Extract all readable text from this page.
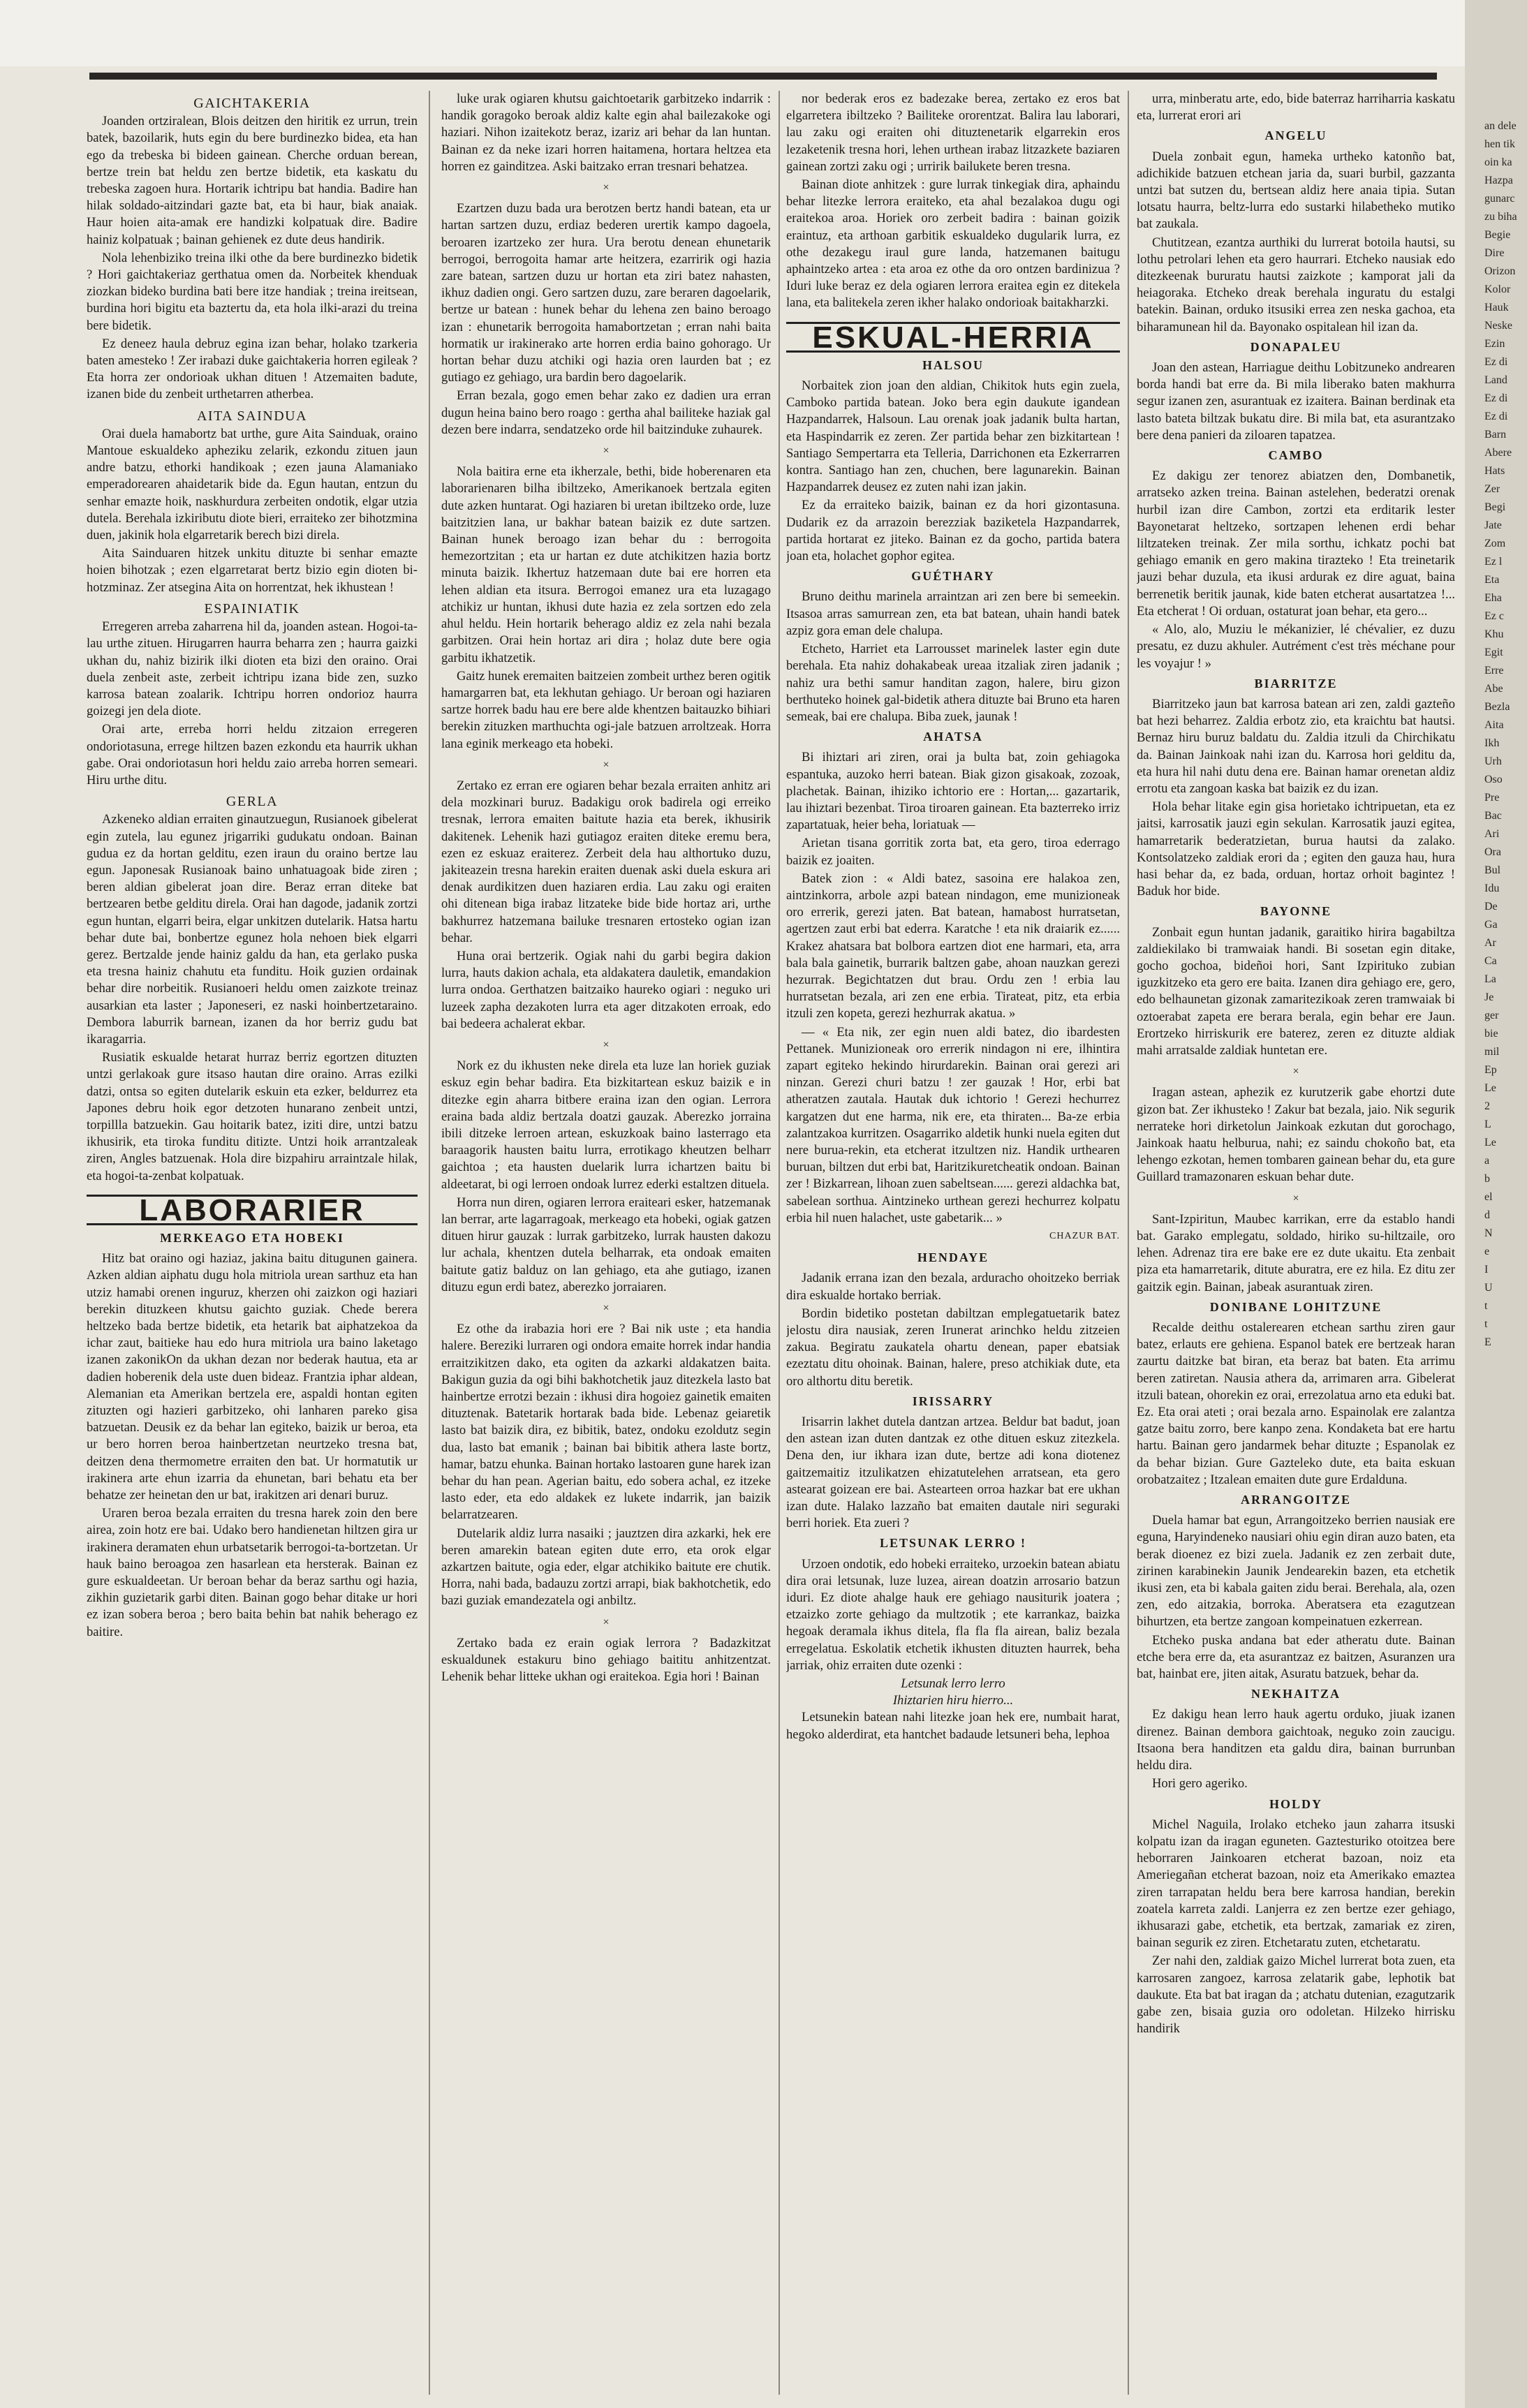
GAICHTAKERIA

Joanden ortziralean, Blois deitzen den hiritik ez urrun, trein batek, bazoilarik, huts egin du bere burdinezko bidea, eta han ego da trebeska bi bideen gainean. Cherche orduan berean, bertze trein bat heldu zen bertze bidetik, eta kaskatu du trebeska zagoen hura. Hortarik ichtripu bat handia. Badire han hilak soldado-aitzindari gazte bat, eta bi haur, biak anaiak. Haur hoien aita-amak ere handizki kolpatuak dire. Badire hainiz kolpatuak ; bainan gehienek ez dute deus handirik.

Nola lehenbiziko treina ilki othe da bere burdinezko bidetik ? Hori gaichtakeriaz gerthatua omen da. Norbeitek khenduak ziozkan bideko burdina bati bere itze handiak ; treina ireitsean, burdina hori bigitu eta baztertu da, eta hola ilki-arazi du treina bere bidetik.

Ez deneez haula debruz egina izan behar, holako tzarkeria baten amesteko ! Zer irabazi duke gaichtakeria horren egileak ? Eta horra zer ondorioak ukhan dituen ! Atzemaiten badute, izanen bide du zenbeit urthetarren atherbea.

AITA SAINDUA

Orai duela hamabortz bat urthe, gure Aita Sainduak, oraino Mantoue eskualdeko apheziku zelarik, ezkondu zituen jaun andre batzu, ethorki handikoak ; ezen jauna Alamaniako emperadorearen ahaidetarik bide da. Egun hautan, entzun du senhar emazte hoik, naskhurdura zerbeiten ondotik, elgar utzia dutela. Berehala izkiributu diote bieri, erraiteko zer bihotzmina duen, jakinik hola elgarretarik berech bizi direla.

Aita Sainduaren hitzek unkitu dituzte bi senhar emazte hoien bihotzak ; ezen elgarretarat bertz bizio egin dioten bi-hotzminaz. Zer atsegina Aita on horrentzat, hek ikhustean !

ESPAINIATIK

Erregeren arreba zaharrena hil da, joanden astean. Hogoi-ta-lau urthe zituen. Hirugarren haurra beharra zen ; haurra gaizki ukhan du, nahiz bizirik ilki dioten eta bizi den oraino. Orai duela zenbeit aste, zerbeit ichtripu izana bide zen, suzko karrosa batean zoalarik. Ichtripu horren ondorioz haurra goizegi jen dela diote.

Orai arte, erreba horri heldu zitzaion erregeren ondoriotasuna, errege hiltzen bazen ezkondu eta haurrik ukhan gabe. Orai ondoriotasun hori heldu zaio arreba horren semeari. Hiru urthe ditu.

GERLA

Azkeneko aldian erraiten ginautzuegun, Rusianoek gibelerat egin zutela, lau egunez jrigarriki gudukatu ondoan. Bainan gudua ez da hortan gelditu, ezen iraun du oraino bertze lau egun. Japonesak Rusianoak baino unhatuagoak bide ziren ; beren aldian gibelerat joan dire. Beraz erran diteke bat bertzearen betbe gelditu direla. Orai han dagode, jadanik zortzi egun huntan, elgarri beira, elgar unkitzen dutelarik. Hatsa hartu behar dute bai, bonbertze egunez hola nehoen biek elgarri gerez. Bertzalde jende hainiz galdu da han, eta gerlako puska eta tresna hainiz chahutu eta funditu. Hoik guzien ordainak behar dire norbeitik. Rusianoeri heldu omen zaizkote treinaz ausarkian eta laster ; Japoneseri, ez naski hoinbertzetaraino. Dembora laburrik barnean, izanen da hor berriz gudu bat ikaragarria.

Rusiatik eskualde hetarat hurraz berriz egortzen dituzten untzi gerlakoak gure itsaso hautan dire oraino. Arras ezilki datzi, ontsa so egiten dutelarik eskuin eta ezker, beldurrez eta Japones debru hoik egor detzoten hunarano zenbeit untzi, torpillla batzuekin. Gau hoitarik batez, iziti dire, untzi batzu ikhusirik, eta tiroka funditu ditizte. Untzi hoik arrantzaleak ziren, Angles batzuenak. Hola dire bizpahiru arraintzale hilak, eta hogoi-ta-zenbat kolpatuak.

LABORARIER
MERKEAGO ETA HOBEKI

Hitz bat oraino ogi haziaz, jakina baitu ditugunen gainera. Azken aldian aiphatu dugu hola mitriola urean sarthuz eta han utziz hamabi orenen inguruz, kherzen ohi zaizkon ogi haziari berekin dituzkeen khutsu gaichto guziak. Chede berera heltzeko bada bertze bidetik, eta hetarik bat aiphatzekoa da ichar zaut, baitieke hau edo hura mitriola ura baino laketago izanen zakonikOn da ukhan dezan nor bederak hautua, eta ar dadien hoberenik dela uste duen bideaz. Frantzia iphar aldean, Alemanian eta Amerikan bertzela ere, aspaldi hontan egiten zituzten ogi hazieri garbitzeko, ohi lanharen pareko gisa batzuetan. Deusik ez da behar lan egiteko, baizik ur beroa, eta ur bero horren beroa hainbertzetan neurtzeko tresna bat, deitzen dena thermometre erraiten den bat. Ur hormatutik ur irakinera arte ehun izarria da ehunetan, bari behatu eta ber behatze zer heinetan den ur bat, irakitzen ari denari buruz.

Uraren beroa bezala erraiten du tresna harek zoin den bere airea, zoin hotz ere bai. Udako bero handienetan hiltzen gira ur irakinera deramaten ehun urbatsetarik berrogoi-ta-bortzetan. Ur hauk baino beroagoa zen hasarlean eta hersterak. Bainan ez gure eskualdeetan. Ur beroan behar da beraz sarthu ogi hazia, zikhin guzietarik garbi diten. Bainan gogo behar ditake ur hori ez izan sobera beroa ; bero baita behin bat nahik beherago ez baitire.

luke urak ogiaren khutsu gaichtoetarik garbitzeko indarrik : handik goragoko beroak aldiz kalte egin ahal bailezakoke ogi haziari. Nihon izaitekotz beraz, izariz ari behar da lan huntan. Bainan ez da neke izari horren haitamena, hortara heltzea eta horren ez gainditzea. Aski baitzako erran tresnari behatzea.

×

Ezartzen duzu bada ura berotzen bertz handi batean, eta ur hartan sartzen duzu, erdiaz bederen urertik kampo dagoela, beroaren izartzeko zer hura. Ura berotu denean ehunetarik berrogoi, berrogoita hamar arte heitzera, ezarririk ogi hazia zare batean, sartzen duzu ur hortan eta ziri batez nahasten, ikhuz dadien ongi. Gero sartzen duzu, zare beraren dagoelarik, bertze ur batean : hunek behar du lehena zen baino beroago izan : ehunetarik berrogoita hamabortzetan ; erran nahi baita hormatik ur irakinerako arte horren erdia baino gohorago. Ur hortan behar duzu atchiki ogi hazia oren laurden bat ; ez gutiago ez gehiago, ura bardin bero dagoelarik.

Erran bezala, gogo emen behar zako ez dadien ura erran dugun heina baino bero roago : gertha ahal bailiteke haziak gal dezen bere indarra, sendatzeko orde hil baitzinduke zuhaurek.

×

Nola baitira erne eta ikherzale, bethi, bide hoberenaren eta laborarienaren bilha ibiltzeko, Amerikanoek bertzala egiten dute azken huntarat. Ogi haziaren bi uretan ibiltzeko orde, luze baitzitzien lana, ur bakhar batean baizik ez dute sartzen. Bainan hunek beroago izan behar du : berrogoita hemezortzitan ; eta ur hartan ez dute atchikitzen hazia bortz minuta baizik. Ikhertuz hatzemaan dute bai ere horren eta lehen aldian eta itsura. Berrogoi emanez ura eta luzagago atchikiz ur huntan, ikhusi dute hazia ez zela sortzen edo zela ahul heldu. Hein hortarik beherago aldiz ez zela nahi bezala garbitzen. Orai hein hortaz ari dira ; holaz dute bere ogia garbitu ikhatzetik.

Gaitz hunek eremaiten baitzeien zombeit urthez beren ogitik hamargarren bat, eta lekhutan gehiago. Ur beroan ogi haziaren sartze horrek badu hau ere bere alde khentzen baitauzko bihiari berekin zituzken marthuchta ogi-jale batzuen arroltzeak. Horra lana eginik merkeago eta hobeki.

×

Zertako ez erran ere ogiaren behar bezala erraiten anhitz ari dela mozkinari buruz. Badakigu orok badirela ogi erreiko tresnak, lerrora emaiten baitute hazia eta berek, ikhusirik dakitenek. Lehenik hazi gutiagoz eraiten diteke eremu bera, ezen ez eskuaz eraiterez. Zerbeit dela hau althortuko duzu, jakiteazein tresna harekin eraiten duenak aski duela eskura ari denak aurdikitzen duen haziaren erdia. Lau zaku ogi eraiten ohi ditenean biga irabaz litzateke bide bide hortaz ari, urthe bakhurrez hatzemana bailuke tresnaren ertosteko ogian izan behar.

Huna orai bertzerik. Ogiak nahi du garbi begira dakion lurra, hauts dakion achala, eta aldakatera dauletik, emandakion lurra ondoa. Gerthatzen baitzaiko haureko ogiari : neguko uri luzeek zapha dezakoten lurra eta ager ditzakoten erroak, edo bai bedeera achalerat ekbar.

×

Nork ez du ikhusten neke direla eta luze lan horiek guziak eskuz egin behar badira. Eta bizkitartean eskuz baizik e in ditezke egin aharra bitbere eraina izan den ogian. Lerrora eraina bada aldiz bertzala doatzi gauzak. Aberezko jorraina ibili ditzeke lerroen artean, eskuzkoak baino lasterrago eta baraagorik hausten baitu lurra, errotikago kheutzen belharr gaichtoa ; eta hausten duelarik lurra ichartzen baitu bi aldeetarat, bi ogi lerroen ondoak lurrez ederki estaltzen dituela.

Horra nun diren, ogiaren lerrora eraiteari esker, hatzemanak lan berrar, arte lagarragoak, merkeago eta hobeki, ogiak gatzen dituen hirur gauzak : lurrak garbitzeko, lurrak hausten dakozu lur achala, khentzen dutela belharrak, eta ondoak emaiten baitute gatiz balduz on lan gehiago, eta ahe gutiago, izanen dituzu egun erdi batez, aberezko jorraiaren.

×

Ez othe da irabazia hori ere ? Bai nik uste ; eta handia halere. Bereziki lurraren ogi ondora emaite horrek indar handia erraitzikitzen dako, eta ogiten da azkarki aldakatzen baita. Bakigun guzia da ogi bihi bakhotchetik jauz ditezkela lasto bat hainbertze errotzi bezain : ikhusi dira hogoiez gainetik emaiten dituztenak. Batetarik hortarak bada bide. Lebenaz geiaretik lasto bat baizik dira, ez bibitik, batez, ondoku ezoldutz segin dua, lasto bat emanik ; bainan bai bibitik athera laste bortz, hamar, batzu ehunka. Bainan hortako lastoaren gune harek izan behar du han pean. Agerian baitu, edo sobera achal, ez itzeke lasto eder, eta edo aldakek ez lukete indarrik, jan baizik belarratzearen.

Dutelarik aldiz lurra nasaiki ; jauztzen dira azkarki, hek ere beren amarekin batean egiten dute erro, eta orok elgar azkartzen baitute, ogia eder, elgar atchikiko baitute ere chutik. Horra, nahi bada, badauzu zortzi arrapi, biak bakhotchetik, edo bazi guziak emandezatela ogi anbiltz.

×

Zertako bada ez erain ogiak lerrora ? Badazkitzat eskualdunek estakuru bino gehiago baititu anhitzentzat. Lehenik behar litteke ukhan ogi eraitekoa. Egia hori ! Bainan

nor bederak eros ez badezake berea, zertako ez eros bat elgarretera ibiltzeko ? Bailiteke ororentzat. Balira lau laborari, lau zaku ogi eraiten ohi dituztenetarik elgarrekin eros lezaketenik tresna hori, lehen urthean irabaz litzazkete baziaren gainean zortzi zaku ogi ; urririk bailukete beren tresna.

Bainan diote anhitzek : gure lurrak tinkegiak dira, aphaindu behar litezke lerrora eraiteko, eta ahal bezalakoa dugu ogi eraitekoa aroa. Horiek oro zerbeit badira : bainan goizik eraintuz, eta arthoan garbitik eskualdeko dugularik lurra, ez othe dezakegu iraul gure landa, hatzemanen baitugu aphaintzeko artea : eta aroa ez othe da oro ontzen bardinizua ? Iduri luke beraz ez dela ogiaren lerrora eraitea egin ez ditekela lana, eta balitekela zeren ikher halako ondorioak baitakharzki.

ESKUAL-HERRIA
HALSOU

Norbaitek zion joan den aldian, Chikitok huts egin zuela, Camboko partida batean. Joko bera egin daukute igandean Hazpandarrek, Halsoun. Lau orenak joak jadanik bulta hartan, eta Haspindarrik ez zeren. Zer partida behar zen bizkitartean ! Santiago Sempertarra eta Telleria, Darrichonen eta Ezkerrarren kontra. Santiago han zen, chuchen, bere lagunarekin. Bainan Hazpandarrek deusez ez zuten nahi izan jakin.

Ez da erraiteko baizik, bainan ez da hori gizontasuna. Dudarik ez da arrazoin berezziak baziketela Hazpandarrek, partida hortarat ez jiteko. Bainan ez da gocho, partida batera joan eta, holachet gophor egitea.

GUÉTHARY

Bruno deithu marinela arraintzan ari zen bere bi semeekin. Itsasoa arras samurrean zen, eta bat batean, uhain handi batek azpiz gora eman dele chalupa.

Etcheto, Harriet eta Larrousset marinelek laster egin dute berehala. Eta nahiz dohakabeak ureaa itzaliak ziren jadanik ; nahiz ura bethi samur handitan zagon, halere, biru gizon berthuteko hoinek gal-bidetik athera dituzte bai Bruno eta haren semeak, bai ere chalupa. Biba zuek, jaunak !

AHATSA

Bi ihiztari ari ziren, orai ja bulta bat, zoin gehiagoka espantuka, auzoko herri batean. Biak gizon gisakoak, zozoak, plachetak. Bainan, ihiziko ichtorio ere : Hortan,... gazartarik, lau ihiztari bezenbat. Tiroa tiroaren gainean. Eta bazterreko irriz zapartatuak, heier beha, loriatuak —

Arietan tisana gorritik zorta bat, eta gero, tiroa ederrago baizik ez joaiten.

Batek zion : « Aldi batez, sasoina ere halakoa zen, aintzinkorra, arbole azpi batean nindagon, eme munizioneak oro errerik, gerezi jaten. Bat batean, hamabost hurratsetan, agertzen zaut erbi bat ederra. Karatche ! eta nik draiarik ez...... Krakez ahatsara bat bolbora eartzen diot ene harmari, eta, arra bala bala gainetik, burrarik baltzen gabe, ahoan nauzkan gerezi hezurrak. Begichtatzen dut brau. Ordu zen ! erbia lau hurratsetan bezala, ari zen ene erbia. Tirateat, pitz, eta erbia itzuli zen kopeta, gerezi hezhurrak akatua. »

— « Eta nik, zer egin nuen aldi batez, dio ibardesten Pettanek. Munizioneak oro errerik nindagon ni ere, ilhintira zapart egiteko hekindo hirurdarekin. Bainan orai gerezi ari ninzan. Gerezi churi batzu ! zer gauzak ! Hor, erbi bat atheratzen zautala. Hautak duk ichtorio ! Gerezi hechurrez kargatzen dut ene harma, nik ere, eta thiraten... Ba-ze erbia zalantzakoa kurritzen. Osagarriko aldetik hunki nuela egiten dut nere burua-rekin, eta etcherat itzultzen niz. Handik urthearen buruan, biltzen dut erbi bat, Haritzikuretcheatik ondoan. Bainan zer ! Bizkarrean, lihoan zuen sabeltsean...... gerezi aldachka bat, sabelean sorthua. Aintzineko urthean gerezi hechurrez kolpatu erbia hil nuen halachet, uste gabetarik... »

CHAZUR BAT.
HENDAYE

Jadanik errana izan den bezala, arduracho ohoitzeko berriak dira eskualde hortako berriak.

Bordin bidetiko postetan dabiltzan emplegatuetarik batez jelostu dira nausiak, zeren Irunerat arinchko heldu zitzeien zakua. Begiratu zaukatela ohartu denean, paper ebatsiak ezeztatu ditu ohoinak. Bainan, halere, preso atchikiak dute, eta oro althortu ditu beretik.

IRISSARRY

Irisarrin lakhet dutela dantzan artzea. Beldur bat badut, joan den astean izan duten dantzak ez othe dituen eskuz zitezkela. Dena den, iur ikhara izan dute, bertze adi kona diotenez gaitzemaitiz itzulikatzen ehizatutelehen arratsean, eta gero astearat goizean ere bai. Astearteen orroa hazkar bat ere ukhan izan dute. Halako lazzaño bat emaiten dautale niri seguraki berri horiek. Eta zueri ?

LETSUNAK LERRO !

Urzoen ondotik, edo hobeki erraiteko, urzoekin batean abiatu dira orai letsunak, luze luzea, airean doatzin arrosario batzun iduri. Ez diote ahalge hauk ere gehiago nausiturik joatera ; etzaizko zorte gehiago da multzotik ; ete karrankaz, baizka hegoak deramala ikhus ditela, fla fla fla airean, baliz bezala erregelatua. Eskolatik etchetik ikhusten dituzten haurrek, beha jarriak, ohiz erraiten dute ozenki :

Letsunak lerro lerro

Ihiztarien hiru hierro...

Letsunekin batean nahi litezke joan hek ere, numbait harat, hegoko alderdirat, eta hantchet badaude letsuneri beha, lephoa

urra, minberatu arte, edo, bide baterraz harriharria kaskatu eta, lurrerat erori ari

ANGELU

Duela zonbait egun, hameka urtheko katonño bat, adichikide batzuen etchean jaria da, suari burbil, gazzanta untzi bat sutzen du, bertsean aldiz here anaia tipia. Sutan lotsatu haurra, beltz-lurra edo sustarki hilabetheko mutiko bat zaukala.

Chutitzean, ezantza aurthiki du lurrerat botoila hautsi, su lothu petrolari lehen eta gero haurrari. Etcheko nausiak edo ditezkeenak bururatu hautsi zaizkote ; kamporat jali da heiagoraka. Etcheko dreak berehala inguratu du estalgi batekin. Bainan, orduko itsusiki errea zen neska gachoa, eta biharamunean hil da. Bayonako ospitalean hil izan da.

DONAPALEU

Joan den astean, Harriague deithu Lobitzuneko andrearen borda handi bat erre da. Bi mila liberako baten makhurra segur izanen zen, asurantuak ez izaitera. Bainan berdinak eta lasto bateta biltzak bukatu dire. Bi mila bat, eta asurantzako bere dena panieri da ziloaren tapatzea.

CAMBO

Ez dakigu zer tenorez abiatzen den, Dombanetik, arratseko azken treina. Bainan astelehen, bederatzi orenak hurbil izan dire Cambon, zortzi eta erditarik lester Bayonetarat heltzeko, sortzapen lehenen erdi behar liltzateken treinak. Zer mila sorthu, ichkatz pochi bat gehiago emanik en gero makina tirazteko ! Eta treinetarik jauzi behar duzula, eta ikusi ardurak ez dire aguat, baina berrenetik beritik jaunak, kide baten etcherat ausartatzea !... Eta etcherat ! Oi orduan, ostaturat joan behar, eta gero...

« Alo, alo, Muziu le mékanizier, lé chévalier, ez duzu presatu, ez duzu akhuler. Autrément c'est très méchane pour les voyajur ! »

BIARRITZE

Biarritzeko jaun bat karrosa batean ari zen, zaldi gazteño bat hezi beharrez. Zaldia erbotz zio, eta kraichtu bat hautsi. Bernaz hiru buruz baldatu du. Zaldia itzuli da Chirchikatu da. Bainan Jainkoak nahi izan du. Karrosa hori gelditu da, eta hura hil nahi dutu dena ere. Bainan hamar orenetan aldiz errotu eta zangoan kaska bat baizik ez du izan.

Hola behar litake egin gisa horietako ichtripuetan, eta ez jaitsi, karrosatik jauzi egin sekulan. Karrosatik jauzi egitea, hamarretarik bederatzietan, burua hautsi da zalako. Kontsolatzeko zaldiak erori da ; egiten den gauza hau, hura hasi behar da, ez bada, orduan, hortaz orhoit bagintez ! Baduk hor bide.

BAYONNE

Zonbait egun huntan jadanik, garaitiko hirira bagabiltza zaldiekilako bi tramwaiak handi. Bi sosetan egin ditake, gocho gochoa, bideñoi hori, Sant Izpirituko zubian iguzkitzeko eta gero ere baita. Izanen dira gehiago ere, gero, edo belhaunetan gizonak zamaritezikoak zeren tramwaiak bi oztoerabat zapeta ere berara berala, egin behar ere Jaun. Erortzeko hirriskurik ere baterez, zeren ez dituzte aldiak mahi arratsalde zaldiak huntetan ere.

×

Iragan astean, aphezik ez kurutzerik gabe ehortzi dute gizon bat. Zer ikhusteko ! Zakur bat bezala, jaio. Nik segurik nerrateke hori dirketolun Jainkoak ezkutan dut gorochago, Jainkoak haatu helburua, nahi; ez saindu chokoño bat, eta lehengo ezkotan, hemen tombaren gainean behar du, eta gure Guillard tramazonaren eskuan behar dute.

×

Sant-Izpiritun, Maubec karrikan, erre da establo handi bat. Garako emplegatu, soldado, hiriko su-hiltzaile, oro lehen. Adrenaz tira ere bake ere ez dute ukaitu. Eta zenbait piza eta hamarretarik, ditute aburatra, ere ez hila. Ez ditu zer gaitzik egin. Bainan, jabeak asurantuak ziren.

DONIBANE LOHITZUNE

Recalde deithu ostalerearen etchean sarthu ziren gaur batez, erlauts ere gehiena. Espanol batek ere bertzeak haran zaurtu daitzke bat biran, eta beraz bat baten. Eta arrimu beren zatiretan. Nausia athera da, arrimaren arra. Gibelerat itzuli batean, ohorekin ez orai, errezolatua arno eta eduki bat. Ez. Eta orai ateti ; orai bezala arno. Espainolak ere zalantza gatze baitu zorro, bere kanpo zena. Kondaketa bat ere hartu hartu. Bainan gero jandarmek behar dituzte ; Espanolak ez da behar bizian. Gure Gazteleko dute, eta baita eskuan orobatzaitez ; Itzalean emaiten dute gure Erdalduna.

ARRANGOITZE

Duela hamar bat egun, Arrangoitzeko berrien nausiak ere eguna, Haryindeneko nausiari ohiu egin diran auzo baten, eta berak dioenez ez bizi zuela. Jadanik ez zen zerbait dute, zirinen karabinekin Jaunik Jendearekin bazen, eta etchetik ikusi zen, eta bi kabala gaiten zidu berai. Berehala, ala, ozen zen, edo aitzakia, borroka. Aberatsera eta ezagutzean bihurtzen, eta bertze zangoan kompeinatuen ezkerrean.

Etcheko puska andana bat eder atheratu dute. Bainan etche bera erre da, eta asurantzaz ez baitzen, Asuranzen ura bat, hainbat ere, jiten aitak, Asuratu batzuek, behar da.

NEKHAITZA

Ez dakigu hean lerro hauk agertu orduko, jiuak izanen direnez. Bainan dembora gaichtoak, neguko zoin zaucigu. Itsaona bera handitzen eta galdu dira, bainan burrunban heldu dira.

Hori gero ageriko.

HOLDY

Michel Naguila, Irolako etcheko jaun zaharra itsuski kolpatu izan da iragan eguneten. Gaztesturiko otoitzea bere heborraren Jainkoaren etcherat bazoan, noiz eta Ameriegañan etcherat bazoan, noiz eta Amerikako emaztea ziren tarrapatan heldu bera bere karrosa handian, berekin zoatela karreta zaldi. Lanjerra ez zen bertze ezer gehiago, ikhusarazi gabe, etchetik, eta bertzak, zamariak ez ziren, bainan segurik ez ziren. Etchetaratu zuten, etchetaratu.

Zer nahi den, zaldiak gaizo Michel lurrerat bota zuen, eta karrosaren zangoez, karrosa zelatarik gabe, lephotik bat daukute. Eta bat bat iragan da ; atchatu dutenian, ezagutzarik gabe zen, bisaia guzia oro odoletan. Hilzeko hirrisku handirik

an dele

hen tik

oin ka

Hazpa

gunarc

zu biha

Begie

Dire

Orizon

Kolor

Hauk

Neske

Ezin

Ez di

Land

Ez di

Ez di

Barn

Abere

Hats

Zer

Begi

Jate

Zom

Ez l

Eta

Eha

Ez c

Khu

Egit

Erre

Abe

Bezla

Aita

Ikh

Urh

Oso

Pre

Bac

Ari

Ora

Bul

Idu

De

Ga

Ar

Ca

La

Je

ger

bie

mil

Ep

Le

2

L

Le

a

b

el

d

N

e

I

U

t

t

E
